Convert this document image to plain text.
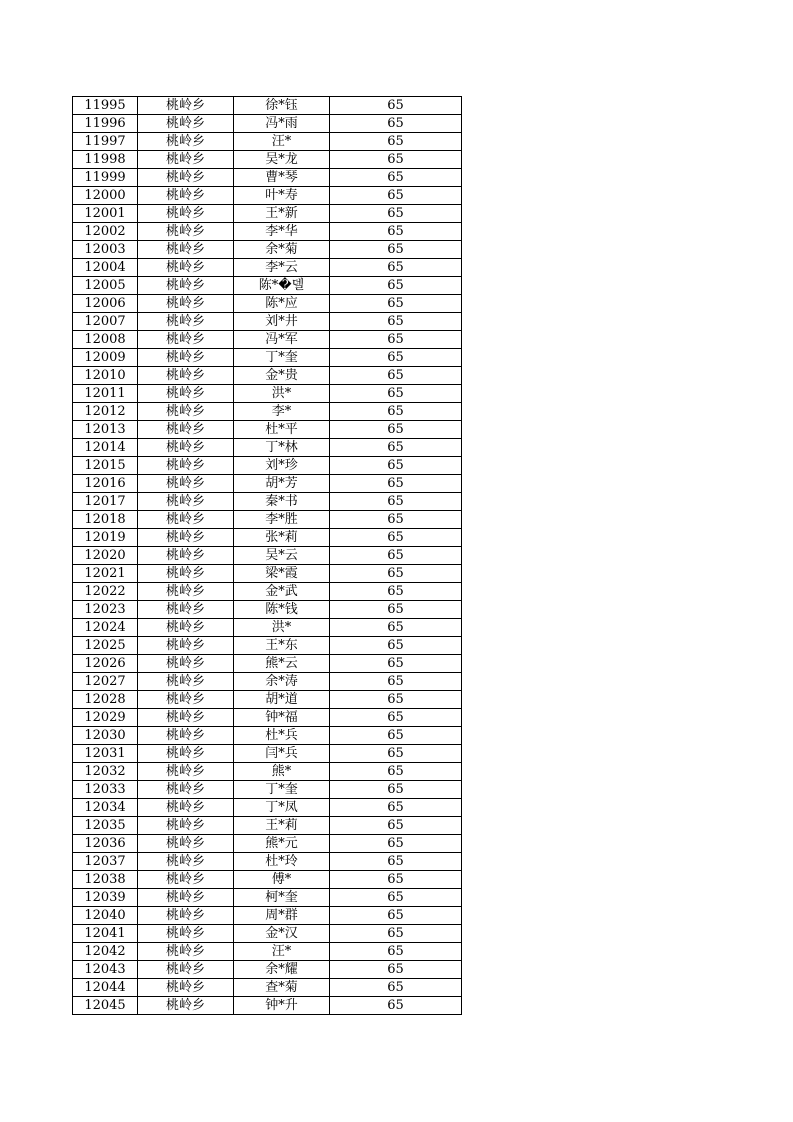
11995	桃岭乡	徐*钰	65
11996	桃岭乡	冯*雨	65
11997	桃岭乡	汪*	65
11998	桃岭乡	吴*龙	65
11999	桃岭乡	曹*琴	65
12000	桃岭乡	叶*寿	65
12001	桃岭乡	王*新	65
12002	桃岭乡	李*华	65
12003	桃岭乡	余*菊	65
12004	桃岭乡	李*云	65
12005	桃岭乡	陈*�델	65
12006	桃岭乡	陈*应	65
12007	桃岭乡	刘*井	65
12008	桃岭乡	冯*军	65
12009	桃岭乡	丁*奎	65
12010	桃岭乡	金*贵	65
12011	桃岭乡	洪*	65
12012	桃岭乡	李*	65
12013	桃岭乡	杜*平	65
12014	桃岭乡	丁*林	65
12015	桃岭乡	刘*珍	65
12016	桃岭乡	胡*芳	65
12017	桃岭乡	秦*书	65
12018	桃岭乡	李*胜	65
12019	桃岭乡	张*莉	65
12020	桃岭乡	吴*云	65
12021	桃岭乡	梁*霞	65
12022	桃岭乡	金*武	65
12023	桃岭乡	陈*钱	65
12024	桃岭乡	洪*	65
12025	桃岭乡	王*东	65
12026	桃岭乡	熊*云	65
12027	桃岭乡	余*涛	65
12028	桃岭乡	胡*道	65
12029	桃岭乡	钟*福	65
12030	桃岭乡	杜*兵	65
12031	桃岭乡	闫*兵	65
12032	桃岭乡	熊*	65
12033	桃岭乡	丁*奎	65
12034	桃岭乡	丁*凤	65
12035	桃岭乡	王*莉	65
12036	桃岭乡	熊*元	65
12037	桃岭乡	杜*玲	65
12038	桃岭乡	傅*	65
12039	桃岭乡	柯*奎	65
12040	桃岭乡	周*群	65
12041	桃岭乡	金*汉	65
12042	桃岭乡	汪*	65
12043	桃岭乡	余*耀	65
12044	桃岭乡	查*菊	65
12045	桃岭乡	钟*升	65
